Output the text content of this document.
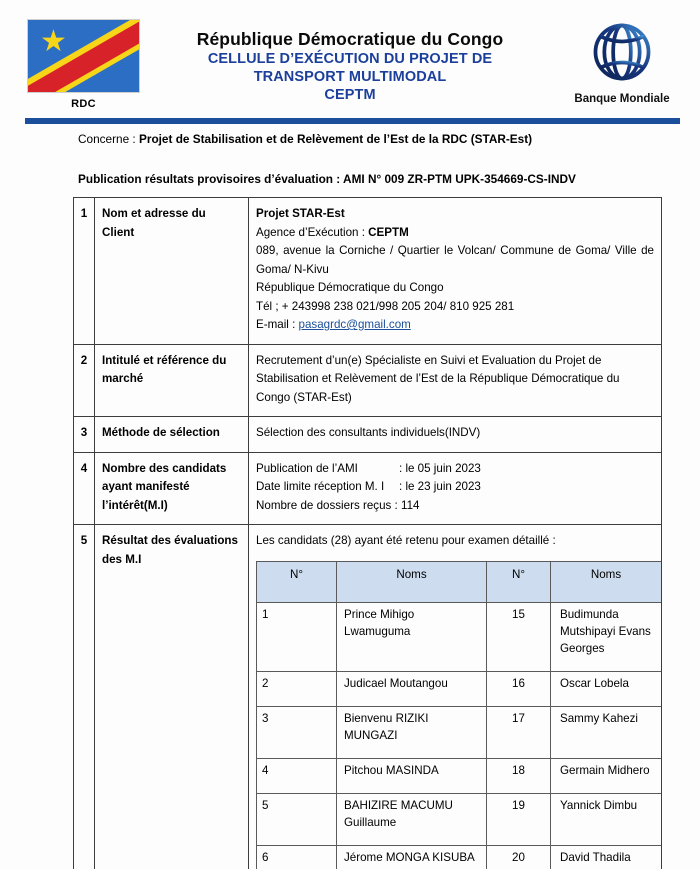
★
RDC
République Démocratique du Congo
CELLULE D’EXÉCUTION DU PROJET DE
TRANSPORT MULTIMODAL
CEPTM	Banque Mondiale
Concerne : Projet de Stabilisation et de Relèvement de l’Est de la RDC (STAR-Est)
Publication résultats provisoires d’évaluation : AMI N° 009 ZR-PTM UPK-354669-CS-INDV
1	Nom et adresse du Client	
Projet STAR-Est
Agence d’Exécution : CEPTM
089, avenue la Corniche / Quartier le Volcan/ Commune de Goma/ Ville de Goma/ N-Kivu
République Démocratique du Congo
Tél ; + 243998 238 021/998 205 204/ 810 925 281
E-mail : pasagrdc@gmail.com

2	Intitulé et référence du marché	Recrutement d’un(e) Spécialiste en Suivi et Evaluation du Projet de Stabilisation et Relèvement de l’Est de la République Démocratique du Congo (STAR-Est)
3	Méthode de sélection	Sélection des consultants individuels(INDV)
4	Nombre des candidats ayant manifesté l’intérêt(M.I)	
Publication de l’AMI	: le 05 juin 2023
Date limite réception M. I : le 23 juin 2023
Nombre de dossiers reçus : 114

5	Résultat des évaluations des M.I	
Les candidats (28) ayant été retenu pour examen détaillé :
N°	Noms	N°	Noms
1	Prince Mihigo Lwamuguma	15	Budimunda Mutshipayi Evans Georges
2	Judicael Moutangou	16	Oscar Lobela
3	Bienvenu RIZIKI MUNGAZI	17	Sammy Kahezi
4	Pitchou MASINDA	18	Germain Midhero
5	BAHIZIRE MACUMU Guillaume	19	Yannick Dimbu
6	Jérome MONGA KISUBA	20	David Thadila
